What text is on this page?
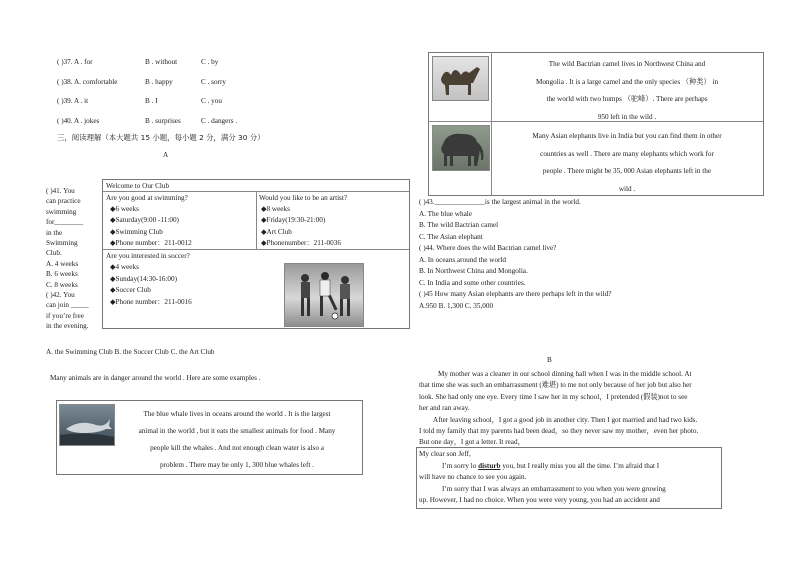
( )37. A . for	B . without	C . by
( )38. A. comfortable	B . happy	C . sorry
( )39. A . it	B . I	C . you
( )40. A . jokes	B . surprises	C . dangers .
三，阅读理解（本大题共 15 小题，每小题 2 分，满分 30 分）
A
( )41. You
can practice
swimming
for________
in the
Swimming
Club.
A. 4 weeks
B. 6 weeks
C. 8 weeks
( )42. You
can join _____
if you’re free
in the evening.
A. the Swimming Club B. the Soccer Club C. the Art Club
Welcome to Our Club
Are you good at swimming?
◆6 weeks
◆Saturday(9:00 -11:00)
◆Swimming Club
◆Phone number：211-0012
Would you like to be an artist?
◆8 weeks
◆Friday(19:30-21:00)
◆Art Club
◆Phonenumber：211-0036
Are you interested in soccer?
◆4 weeks
◆Sunday(14:30-16:00)
◆Soccer Club
◆Phone number：211-0016
Many animals are in danger around the world . Here are some examples .
The blue whale lives in oceans around the world . It is the largest
animal in the world , but it eats the smallest animals for food . Many
people kill the whales . And not enough clean water is also a
problem . There may be only 1, 300 blue whales left .
The wild Bactrian camel lives in Northwest China and
Mongolia . It is a large camel and the only species （种类） in
the world with two humps （驼峰）. There are perhaps
950 left in the wild .
Many Asian elephants live in India but you can find them in other
countries as well . There are many elephants which work for
people . There might be 35, 000 Asian elephants left in the
wild .
( )43.______________is the largest animal in the world.
A. The blue whale
B. The wild Bactrian camel
C. The Asian elephant
( )44. Where does the wild Bactrian camel live?
A. In oceans around the world
B. In Northwest China and Mongolia.
C. In India and some other countries.
( )45 How many Asian elephants are there perhaps left in the wild?
A.950 B. 1,300 C. 35,000
B
My mother was a cleaner in our school dinning hall when I was in the middle school. At
that time she was such an embarrassment (难堪) to me not only because of her job but also her
look. She had only one eye. Every time I saw her in my school，I pretended (假装)not to see
her and ran away.
After leaving school，I got a good job in another city. Then I got married and had two kids.
I told my family that my parents had been dead，so they never saw my mother，even her photo.
But one day，I got a letter. It read，
My clear son Jeff,
I’m sorry lo disturb you, but I really miss you all the time. I’m afraid that I
will have no chance to see you again.
I’m sorry that I was always an embarrassment to you when you were growing
up. However, I had no choice. When you were very young, you had an accident and
